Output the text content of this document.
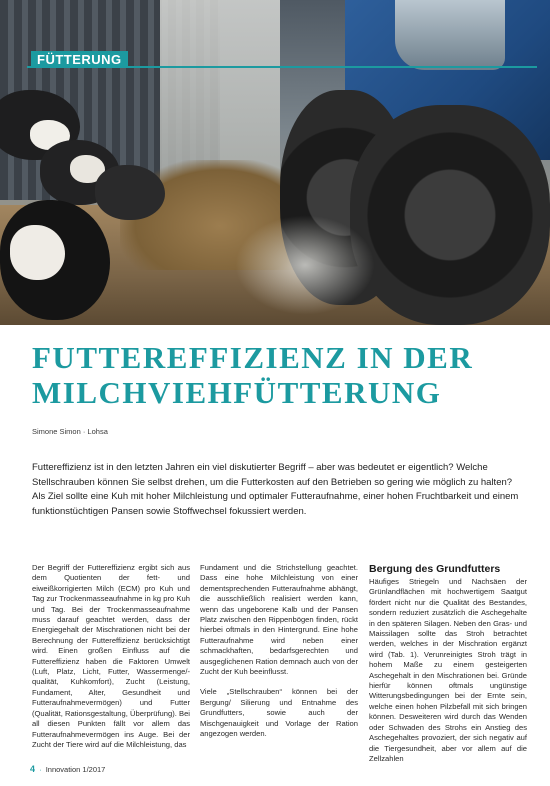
FÜTTERUNG
FUTTEREFFIZIENZ IN DER
MILCHVIEHFÜTTERUNG
Simone Simon · Lohsa

Futtereffizienz ist in den letzten Jahren ein viel diskutierter Begriff – aber was bedeutet er eigentlich? Welche Stellschrauben können Sie selbst drehen, um die Futterkosten auf den Betrieben so gering wie möglich zu halten? Als Ziel sollte eine Kuh mit hoher Milchleistung und optimaler Futteraufnahme, einer hohen Fruchtbarkeit und einem funktionstüchtigen Pansen sowie Stoffwechsel fokussiert werden.

Der Begriff der Futtereffizienz ergibt sich aus dem Quotienten der fett- und eiweißkorrigierten Milch (ECM) pro Kuh und Tag zur Trockenmasseaufnahme in kg pro Kuh und Tag. Bei der Trockenmasseaufnahme muss darauf geachtet werden, dass der Energiegehalt der Mischrationen nicht bei der Berechnung der Futtereffizienz berücksichtigt wird. Einen großen Einfluss auf die Futtereffizienz haben die Faktoren Umwelt (Luft, Platz, Licht, Futter, Wassermenge/-qualität, Kuhkomfort), Zucht (Leistung, Fundament, Alter, Gesundheit und Futteraufnahmevermögen) und Futter (Qualität, Rationsgestaltung, Überprüfung). Bei all diesen Punkten fällt vor allem das Futteraufnahmevermögen ins Auge. Bei der Zucht der Tiere wird auf die Milchleistung, das

Fundament und die Strichstellung geachtet. Dass eine hohe Milchleistung von einer dementsprechenden Futteraufnahme abhängt, die ausschließlich realisiert werden kann, wenn das ungeborene Kalb und der Pansen Platz zwischen den Rippenbögen finden, rückt hierbei oftmals in den Hintergrund. Eine hohe Futteraufnahme wird neben einer schmackhaften, bedarfsgerechten und ausgeglichenen Ration demnach auch von der Zucht der Kuh beeinflusst.

Viele „Stellschrauben“ können bei der Bergung/ Silierung und Entnahme des Grundfutters, sowie auch der Mischgenauigkeit und Vorlage der Ration angezogen werden.

Bergung des Grundfutters

Häufiges Striegeln und Nachsäen der Grünlandflächen mit hochwertigem Saatgut fördert nicht nur die Qualität des Bestandes, sondern reduziert zusätzlich die Aschegehalte in den späteren Silagen. Neben den Gras- und Maissilagen sollte das Stroh betrachtet werden, welches in der Mischration ergänzt wird (Tab. 1). Verunreinigtes Stroh trägt in hohem Maße zu einem gesteigerten Aschegehalt in den Mischrationen bei. Gründe hierfür können oftmals ungünstige Witterungsbedingungen bei der Ernte sein, welche einen hohen Pilzbefall mit sich bringen können. Desweiteren wird durch das Wenden oder Schwaden des Strohs ein Anstieg des Aschegehaltes provoziert, der sich negativ auf die Tiergesundheit, aber vor allem auf die Zellzahlen

4 · Innovation 1/2017
